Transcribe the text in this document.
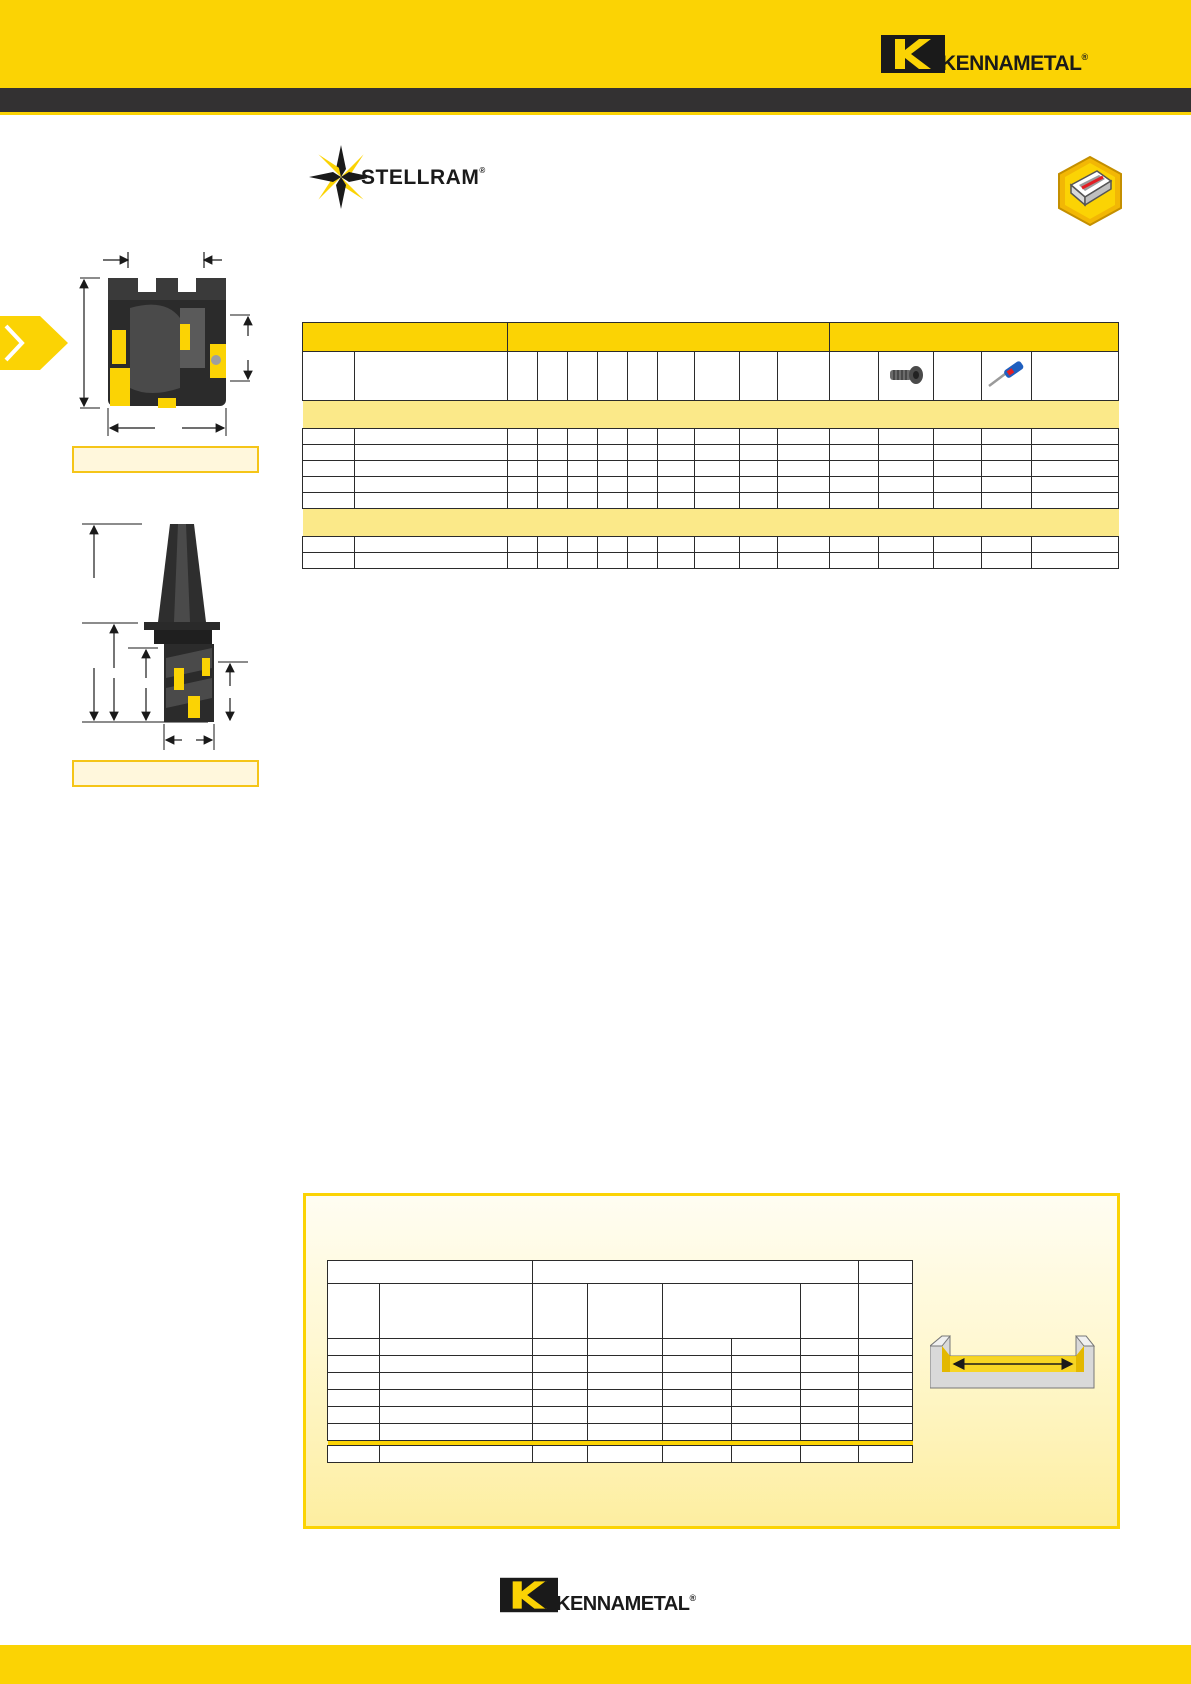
KENNAMETAL®
STELLRAM®

KENNAMETAL®
